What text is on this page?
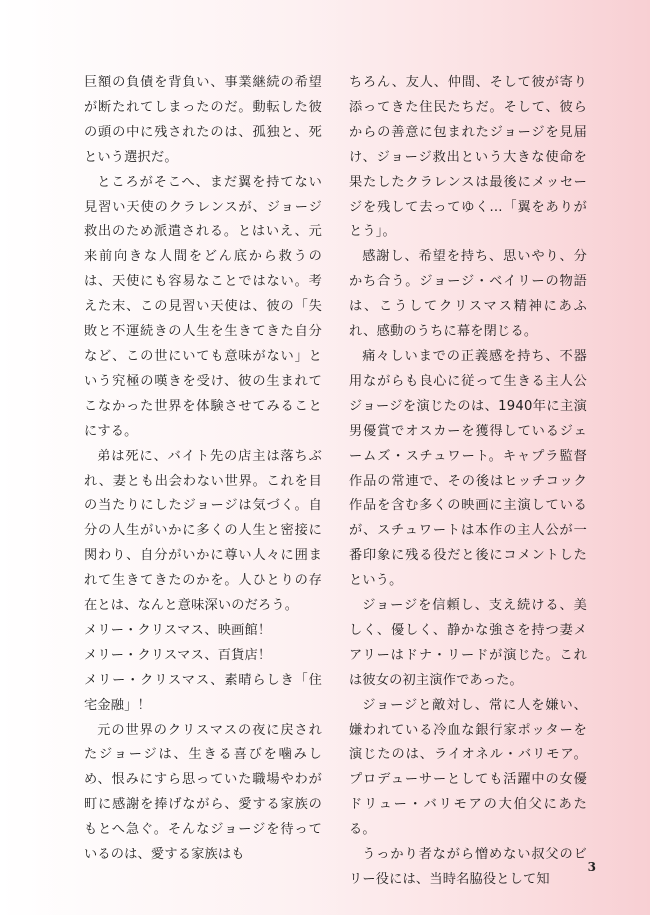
巨額の負債を背負い、事業継続の希望が断たれてしまったのだ。動転した彼の頭の中に残されたのは、孤独と、死という選択だ。

ところがそこへ、まだ翼を持てない見習い天使のクラレンスが、ジョージ救出のため派遣される。とはいえ、元来前向きな人間をどん底から救うのは、天使にも容易なことではない。考えた末、この見習い天使は、彼の「失敗と不運続きの人生を生きてきた自分など、この世にいても意味がない」という究極の嘆きを受け、彼の生まれてこなかった世界を体験させてみることにする。

弟は死に、バイト先の店主は落ちぶれ、妻とも出会わない世界。これを目の当たりにしたジョージは気づく。自分の人生がいかに多くの人生と密接に関わり、自分がいかに尊い人々に囲まれて生きてきたのかを。人ひとりの存在とは、なんと意味深いのだろう。

メリー・クリスマス、映画館！

メリー・クリスマス、百貨店！

メリー・クリスマス、素晴らしき「住宅金融」！

元の世界のクリスマスの夜に戻されたジョージは、生きる喜びを噛みしめ、恨みにすら思っていた職場やわが町に感謝を捧げながら、愛する家族のもとへ急ぐ。そんなジョージを待っているのは、愛する家族はも

ちろん、友人、仲間、そして彼が寄り添ってきた住民たちだ。そして、彼らからの善意に包まれたジョージを見届け、ジョージ救出という大きな使命を果たしたクラレンスは最後にメッセージを残して去ってゆく…「翼をありがとう」。

感謝し、希望を持ち、思いやり、分かち合う。ジョージ・ベイリーの物語は、こうしてクリスマス精神にあふれ、感動のうちに幕を閉じる。

痛々しいまでの正義感を持ち、不器用ながらも良心に従って生きる主人公ジョージを演じたのは、1940年に主演男優賞でオスカーを獲得しているジェームズ・スチュワート。キャプラ監督作品の常連で、その後はヒッチコック作品を含む多くの映画に主演しているが、スチュワートは本作の主人公が一番印象に残る役だと後にコメントしたという。

ジョージを信頼し、支え続ける、美しく、優しく、静かな強さを持つ妻メアリーはドナ・リードが演じた。これは彼女の初主演作であった。

ジョージと敵対し、常に人を嫌い、嫌われている冷血な銀行家ポッターを演じたのは、ライオネル・バリモア。プロデューサーとしても活躍中の女優ドリュー・バリモアの大伯父にあたる。

うっかり者ながら憎めない叔父のビリー役には、当時名脇役として知

3
